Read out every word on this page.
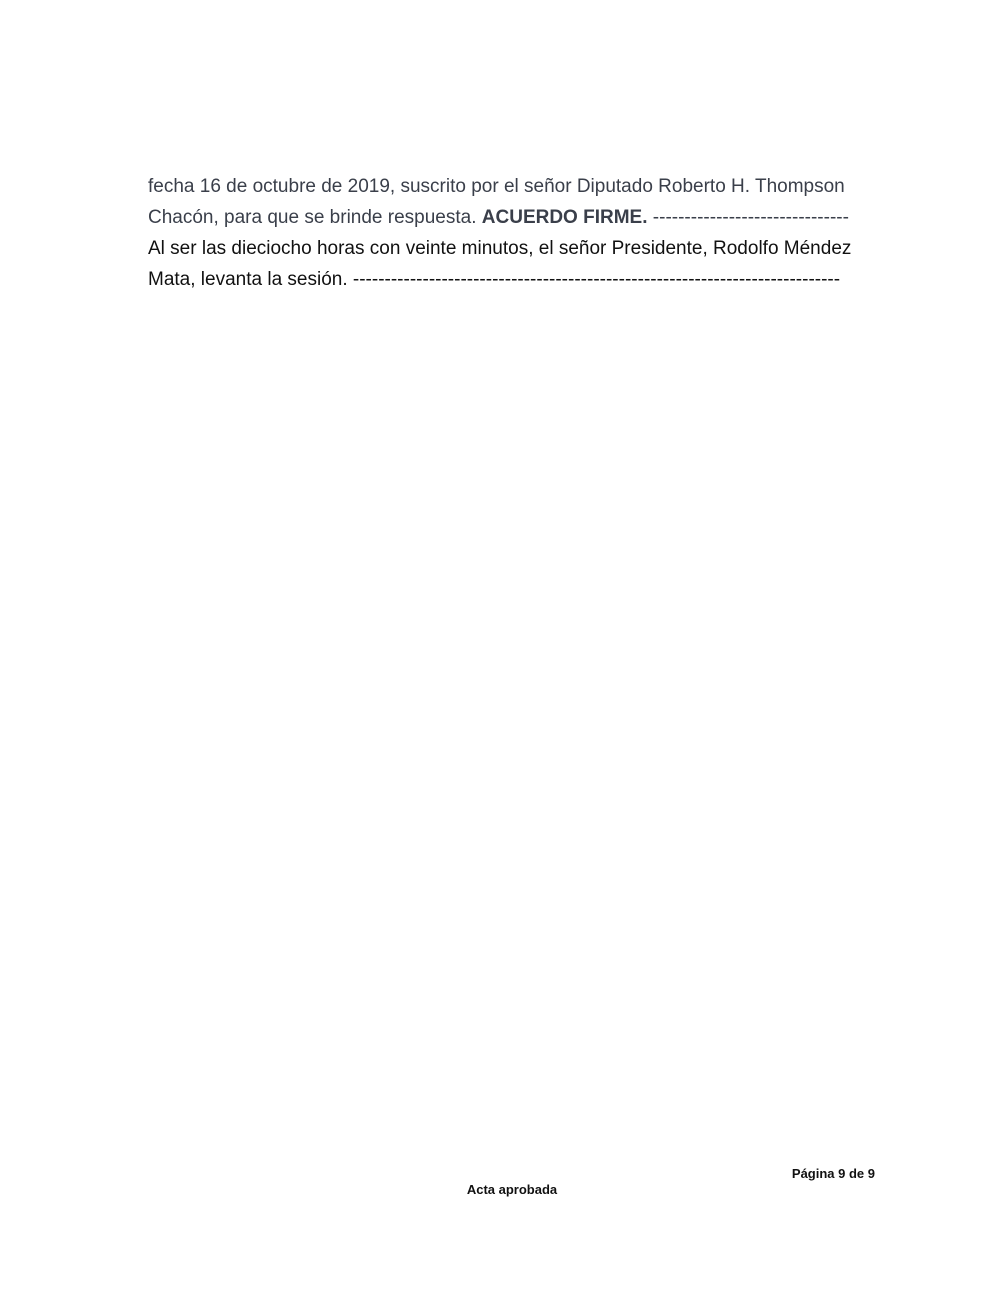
fecha 16 de octubre de 2019, suscrito por el señor Diputado Roberto H. Thompson
Chacón, para que se brinde respuesta. ACUERDO FIRME. -------------------------------
Al ser las dieciocho horas con veinte minutos, el señor Presidente, Rodolfo Méndez
Mata, levanta la sesión. -----------------------------------------------------------------------------
Página 9 de 9
Acta aprobada
